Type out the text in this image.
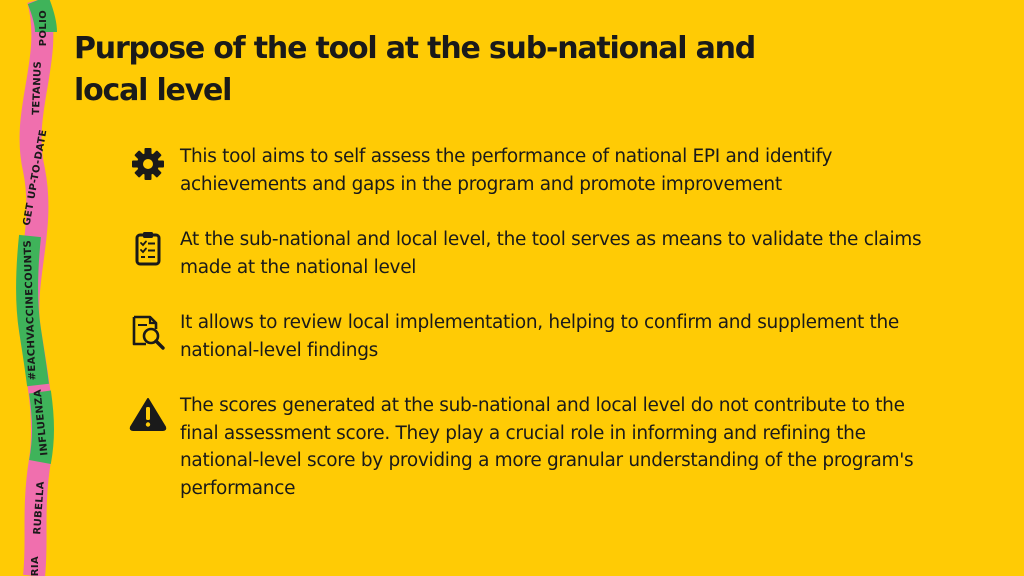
POLIO
TETANUS
GET UP-TO-DATE
#EACHVACCINECOUNTS
INFLUENZA
RUBELLA
RIA
Purpose of the tool at the sub-national and
local level

This tool aims to self assess the performance of national EPI and identify achievements and gaps in the program and promote improvement

At the sub-national and local level, the tool serves as means to validate the claims made at the national level

It allows to review local implementation, helping to confirm and supplement the national-level findings

The scores generated at the sub-national and local level do not contribute to the final assessment score. They play a crucial role in informing and refining the national-level score by providing a more granular understanding of the program's performance
